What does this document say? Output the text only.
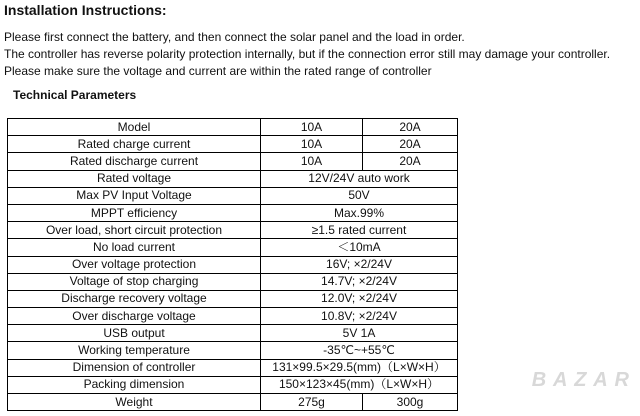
Installation Instructions:
Please first connect the battery, and then connect the solar panel and the load in order.
The controller has reverse polarity protection internally, but if the connection error still may damage your controller.
Please make sure the voltage and current are within the rated range of controller
Technical Parameters
Model	10A	20A
Rated charge current	10A	20A
Rated discharge current	10A	20A
Rated voltage	12V/24V auto work	
Max PV Input Voltage	50V	
MPPT efficiency	Max.99%	
Over load, short circuit protection	≥1.5 rated current	
No load current	＜10mA	
Over voltage protection	16V; ×2/24V	
Voltage of stop charging	14.7V; ×2/24V	
Discharge recovery voltage	12.0V; ×2/24V	
Over discharge voltage	10.8V; ×2/24V	
USB output	5V 1A	
Working temperature	-35℃~+55℃	
Dimension of controller	131×99.5×29.5(mm)（L×W×H）	
Packing dimension	150×123×45(mm)（L×W×H）	
Weight	275g	300g
B A Z A R
